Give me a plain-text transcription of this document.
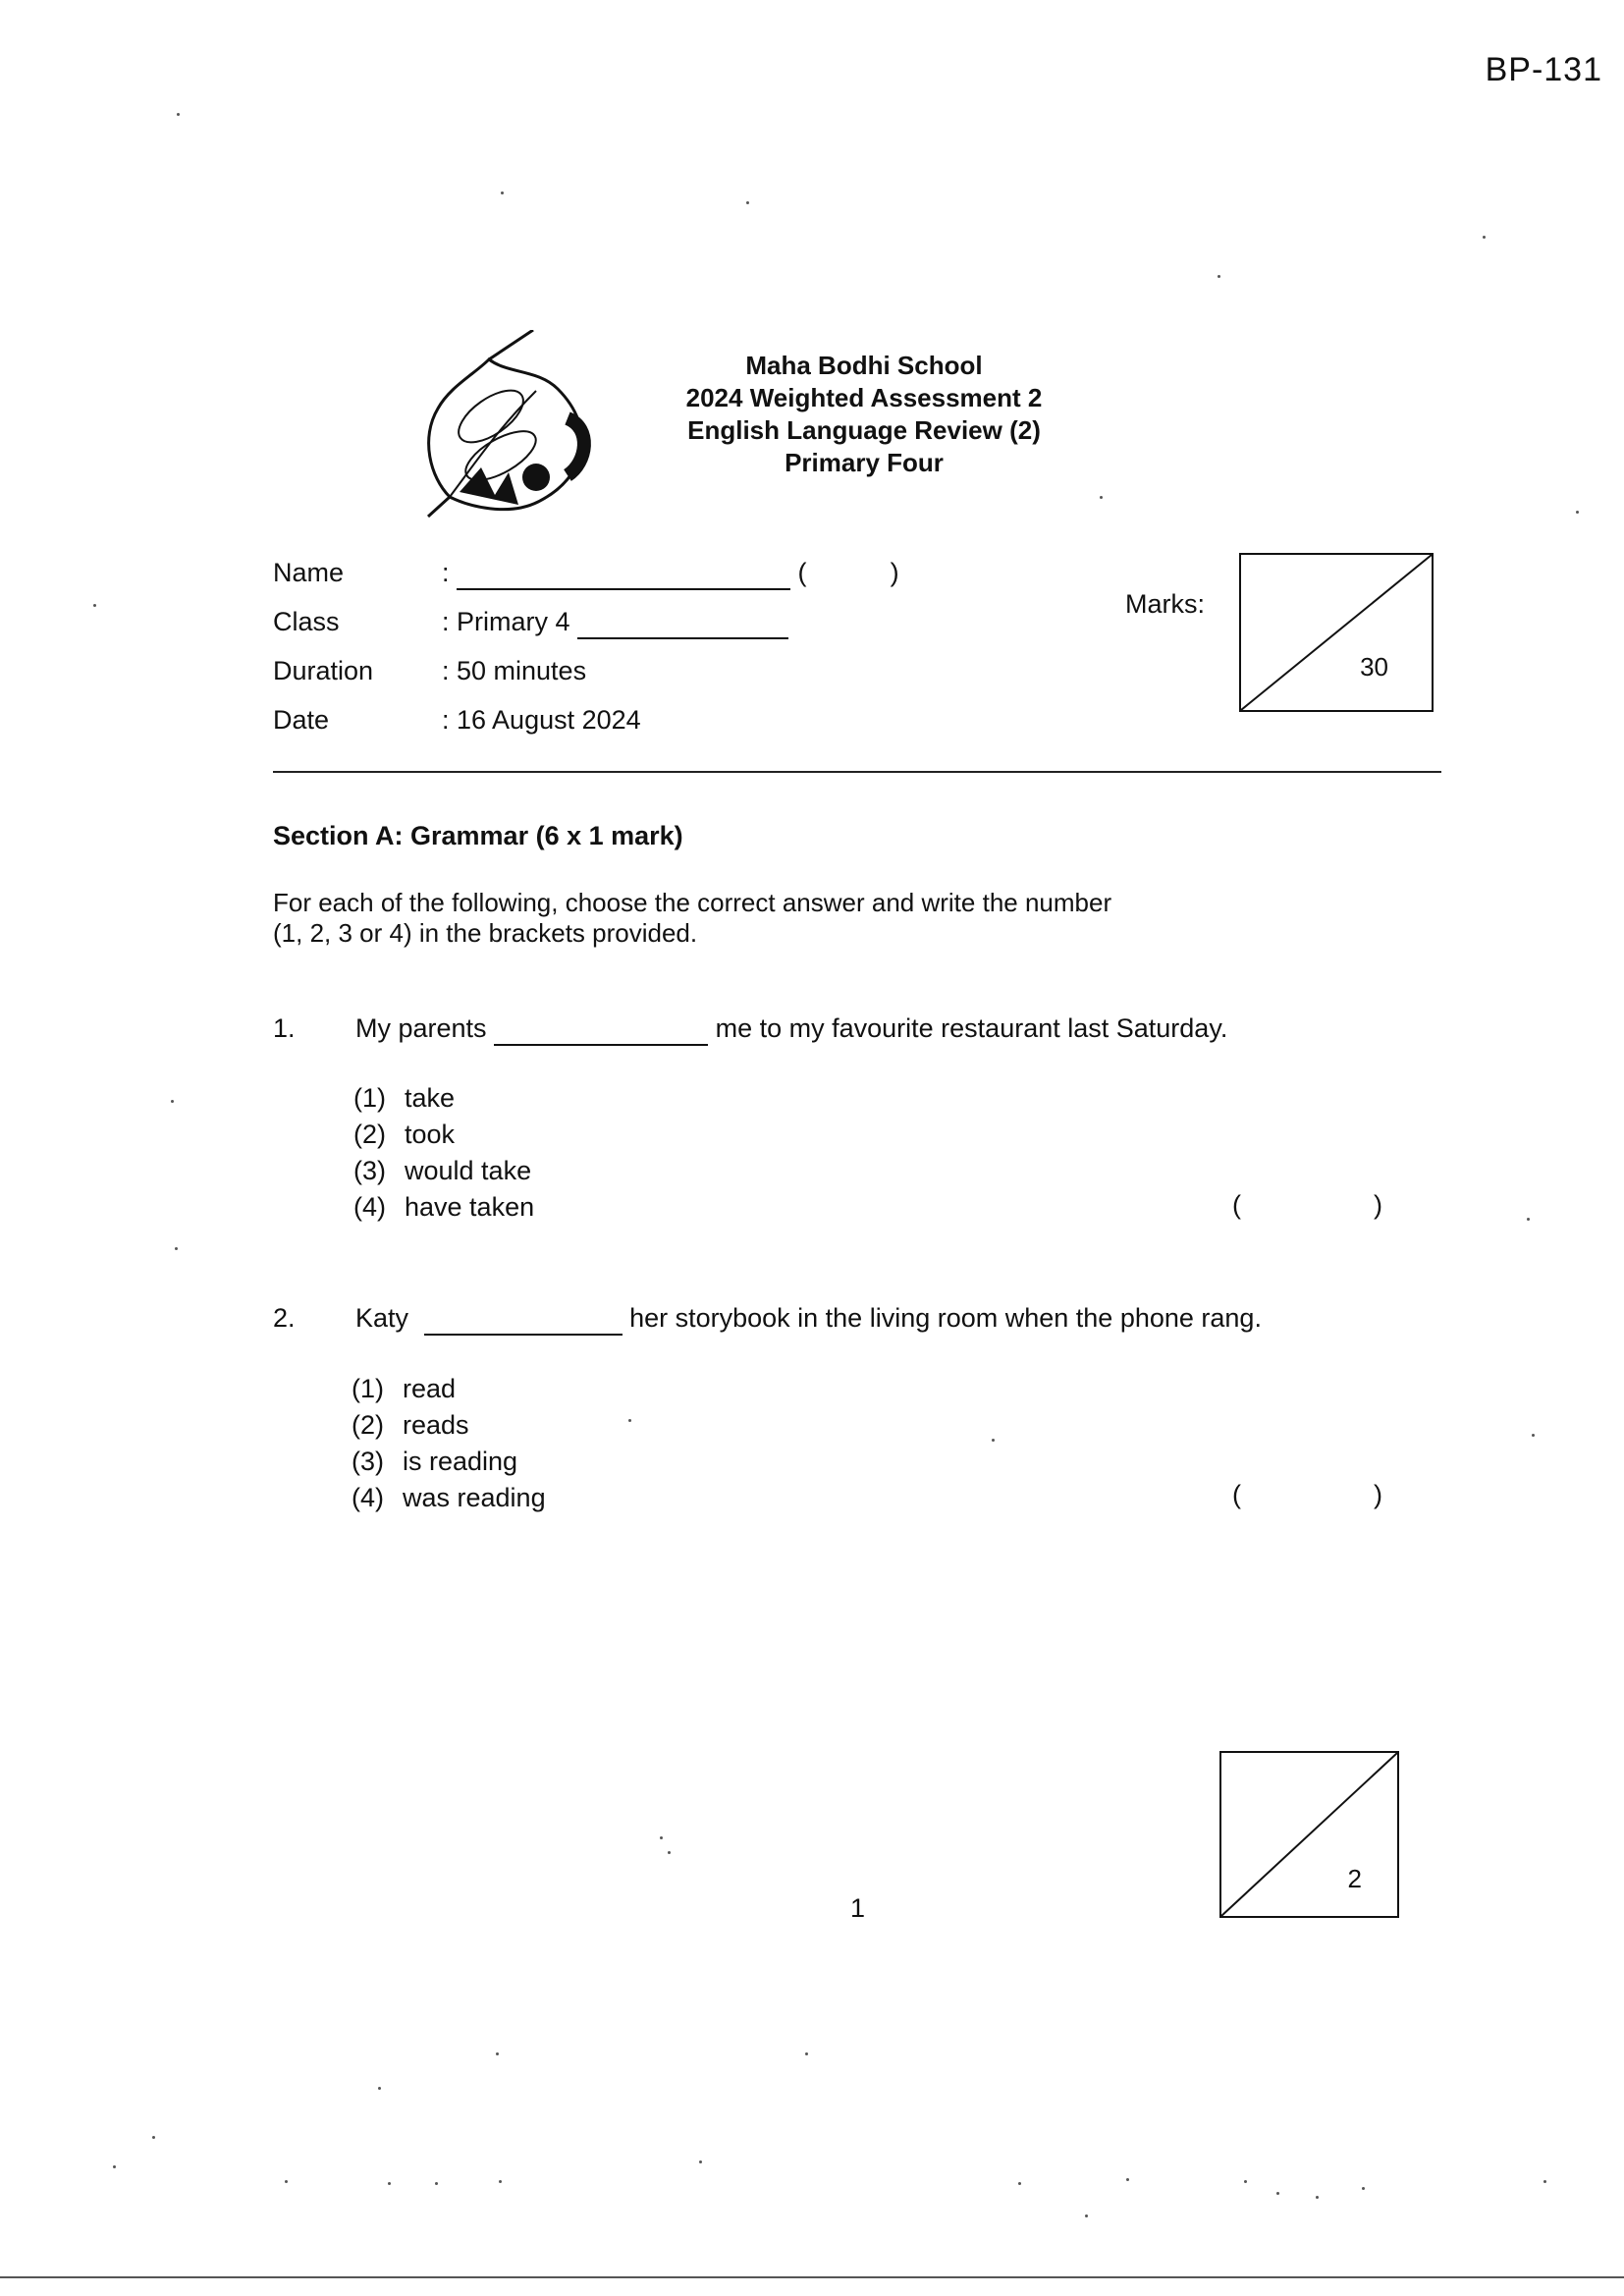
BP-131
Maha Bodhi School
2024 Weighted Assessment 2
English Language Review (2)
Primary Four
Name	:	(	)
Class	: Primary 4
Duration	: 50 minutes
Date	: 16 August 2024
Marks:
30
Section A: Grammar (6 x 1 mark)
For each of the following, choose the correct answer and write the number
(1, 2, 3 or 4) in the brackets provided.
1. My parents	me to my favourite restaurant last Saturday.
(1) take
(2) took
(3) would take
(4) have taken	(	)
2. Katy	her storybook in the living room when the phone rang.
(1) read
(2) reads
(3) is reading
(4) was reading	(	)
2
1
